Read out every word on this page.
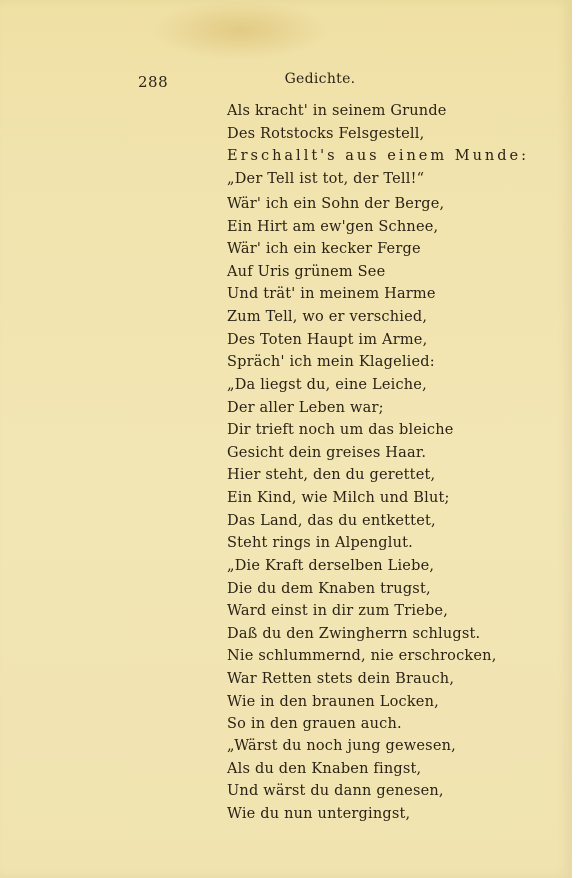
288	Gedichte.
Als kracht' in seinem Grunde
Des Rotstocks Felsgestell,
Erschallt's aus einem Munde:
„Der Tell ist tot, der Tell!“
Wär' ich ein Sohn der Berge,
Ein Hirt am ew'gen Schnee,
Wär' ich ein kecker Ferge
Auf Uris grünem See
Und trät' in meinem Harme
Zum Tell, wo er verschied,
Des Toten Haupt im Arme,
Spräch' ich mein Klagelied:
„Da liegst du, eine Leiche,
Der aller Leben war;
Dir trieft noch um das bleiche
Gesicht dein greises Haar.
Hier steht, den du gerettet,
Ein Kind, wie Milch und Blut;
Das Land, das du entkettet,
Steht rings in Alpenglut.
„Die Kraft derselben Liebe,
Die du dem Knaben trugst,
Ward einst in dir zum Triebe,
Daß du den Zwingherrn schlugst.
Nie schlummernd, nie erschrocken,
War Retten stets dein Brauch,
Wie in den braunen Locken,
So in den grauen auch.
„Wärst du noch jung gewesen,
Als du den Knaben fingst,
Und wärst du dann genesen,
Wie du nun untergingst,
